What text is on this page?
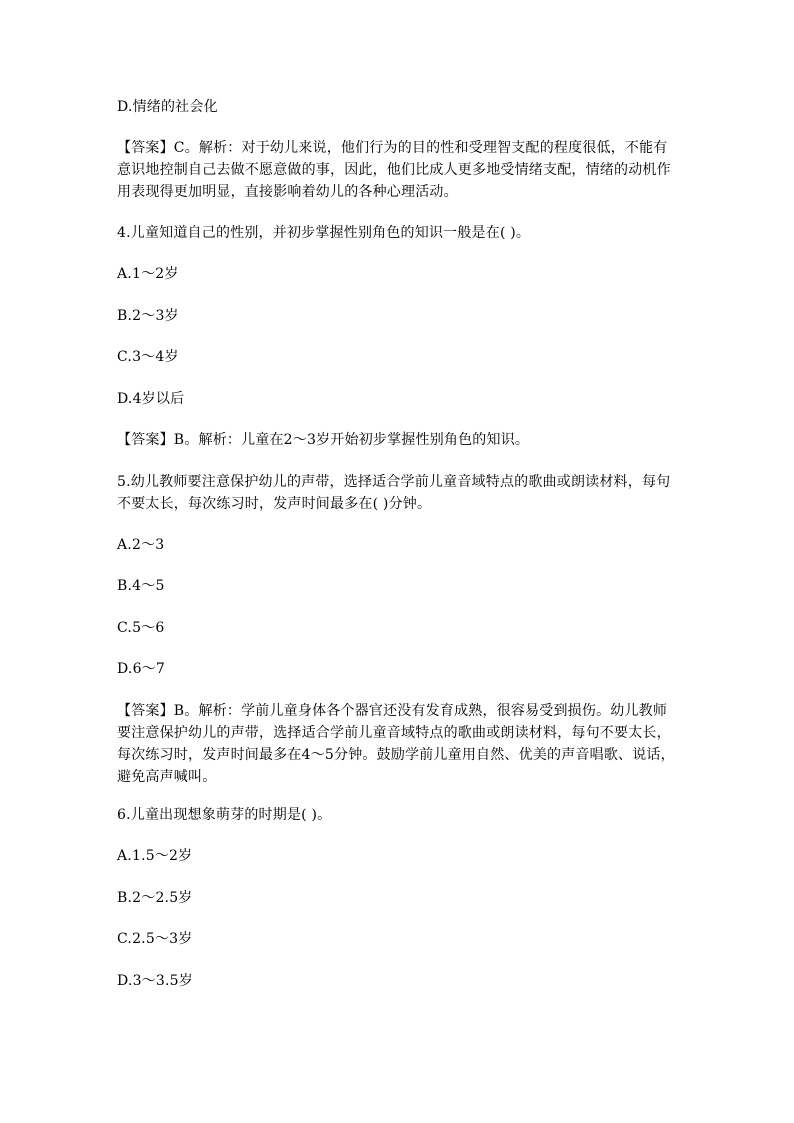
D.情绪的社会化
【答案】C。解析：对于幼儿来说，他们行为的目的性和受理智支配的程度很低，不能有意识地控制自己去做不愿意做的事，因此，他们比成人更多地受情绪支配，情绪的动机作用表现得更加明显，直接影响着幼儿的各种心理活动。
4.儿童知道自己的性别，并初步掌握性别角色的知识一般是在( )。
A.1～2岁
B.2～3岁
C.3～4岁
D.4岁以后
【答案】B。解析：儿童在2～3岁开始初步掌握性别角色的知识。
5.幼儿教师要注意保护幼儿的声带，选择适合学前儿童音域特点的歌曲或朗读材料，每句不要太长，每次练习时，发声时间最多在( )分钟。
A.2～3
B.4～5
C.5～6
D.6～7
【答案】B。解析：学前儿童身体各个器官还没有发育成熟，很容易受到损伤。幼儿教师要注意保护幼儿的声带，选择适合学前儿童音域特点的歌曲或朗读材料，每句不要太长，每次练习时，发声时间最多在4～5分钟。鼓励学前儿童用自然、优美的声音唱歌、说话，避免高声喊叫。
6.儿童出现想象萌芽的时期是( )。
A.1.5～2岁
B.2～2.5岁
C.2.5～3岁
D.3～3.5岁
